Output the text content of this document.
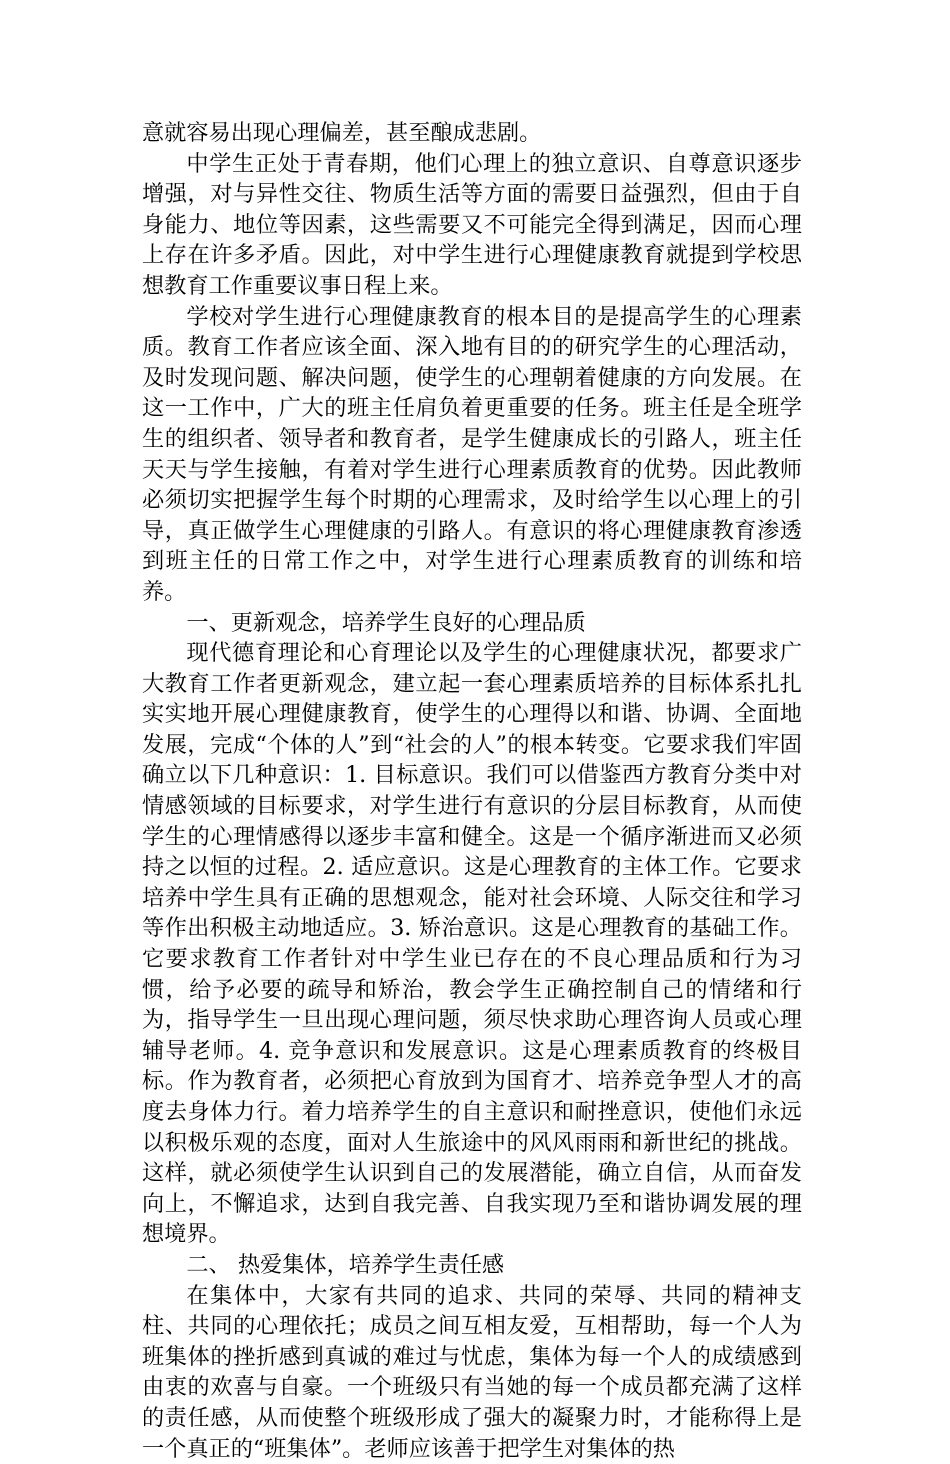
意就容易出现心理偏差，甚至酿成悲剧。

中学生正处于青春期，他们心理上的独立意识、自尊意识逐步增强，对与异性交往、物质生活等方面的需要日益强烈，但由于自身能力、地位等因素，这些需要又不可能完全得到满足，因而心理上存在许多矛盾。因此，对中学生进行心理健康教育就提到学校思想教育工作重要议事日程上来。

学校对学生进行心理健康教育的根本目的是提高学生的心理素质。教育工作者应该全面、深入地有目的的研究学生的心理活动，及时发现问题、解决问题，使学生的心理朝着健康的方向发展。在这一工作中，广大的班主任肩负着更重要的任务。班主任是全班学生的组织者、领导者和教育者，是学生健康成长的引路人，班主任天天与学生接触，有着对学生进行心理素质教育的优势。因此教师必须切实把握学生每个时期的心理需求，及时给学生以心理上的引导，真正做学生心理健康的引路人。有意识的将心理健康教育渗透到班主任的日常工作之中，对学生进行心理素质教育的训练和培养。

一、更新观念，培养学生良好的心理品质

现代德育理论和心育理论以及学生的心理健康状况，都要求广大教育工作者更新观念，建立起一套心理素质培养的目标体系扎扎实实地开展心理健康教育，使学生的心理得以和谐、协调、全面地发展，完成“个体的人”到“社会的人”的根本转变。它要求我们牢固确立以下几种意识：1. 目标意识。我们可以借鉴西方教育分类中对情感领域的目标要求，对学生进行有意识的分层目标教育，从而使学生的心理情感得以逐步丰富和健全。这是一个循序渐进而又必须持之以恒的过程。2. 适应意识。这是心理教育的主体工作。它要求培养中学生具有正确的思想观念，能对社会环境、人际交往和学习等作出积极主动地适应。3. 矫治意识。这是心理教育的基础工作。它要求教育工作者针对中学生业已存在的不良心理品质和行为习惯，给予必要的疏导和矫治，教会学生正确控制自己的情绪和行为，指导学生一旦出现心理问题，须尽快求助心理咨询人员或心理辅导老师。4. 竞争意识和发展意识。这是心理素质教育的终极目标。作为教育者，必须把心育放到为国育才、培养竞争型人才的高度去身体力行。着力培养学生的自主意识和耐挫意识，使他们永远以积极乐观的态度，面对人生旅途中的风风雨雨和新世纪的挑战。这样，就必须使学生认识到自己的发展潜能，确立自信，从而奋发向上，不懈追求，达到自我完善、自我实现乃至和谐协调发展的理想境界。

二、 热爱集体，培养学生责任感

在集体中，大家有共同的追求、共同的荣辱、共同的精神支柱、共同的心理依托；成员之间互相友爱，互相帮助，每一个人为班集体的挫折感到真诚的难过与忧虑，集体为每一个人的成绩感到由衷的欢喜与自豪。一个班级只有当她的每一个成员都充满了这样的责任感，从而使整个班级形成了强大的凝聚力时，才能称得上是一个真正的“班集体”。老师应该善于把学生对集体的热
